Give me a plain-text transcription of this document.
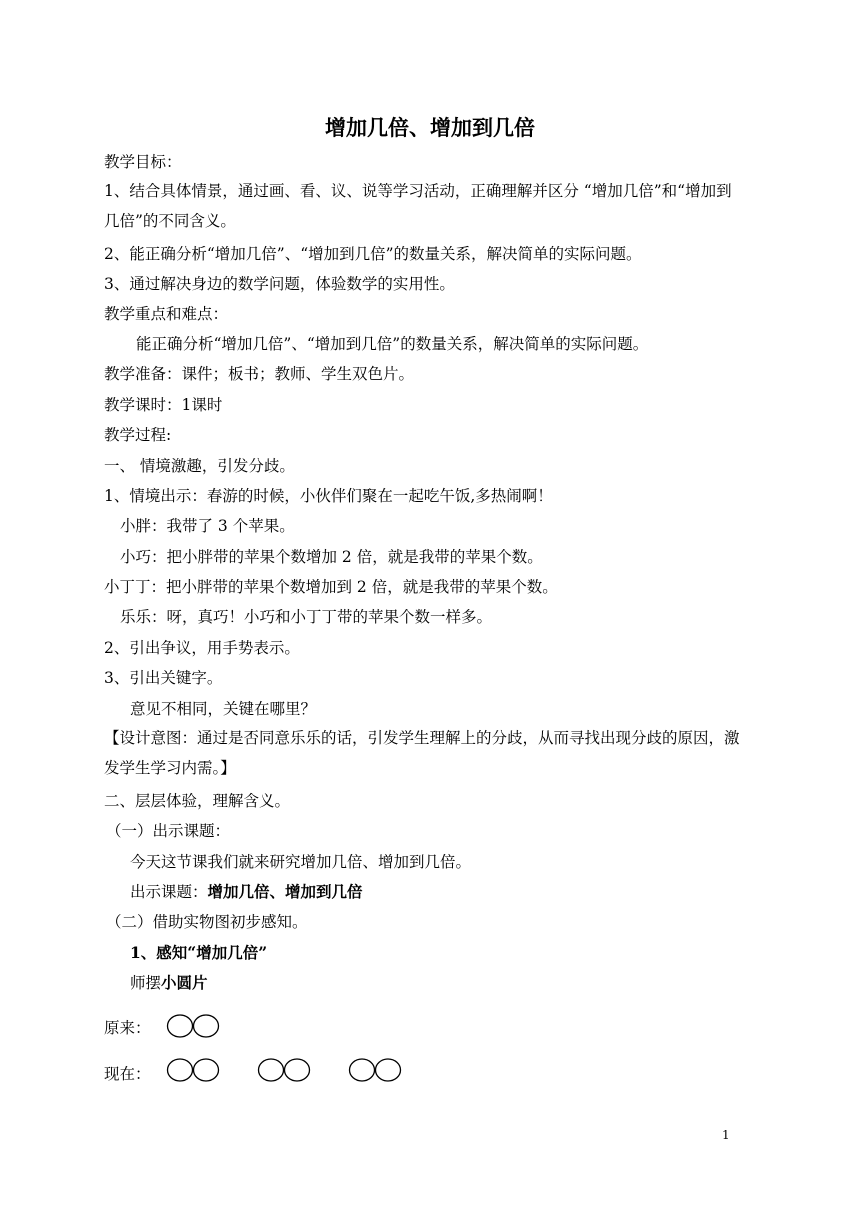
增加几倍、增加到几倍
教学目标：
1、结合具体情景，通过画、看、议、说等学习活动，正确理解并区分 “增加几倍”和“增加到几倍”的不同含义。
2、能正确分析“增加几倍”、“增加到几倍”的数量关系，解决简单的实际问题。
3、通过解决身边的数学问题，体验数学的实用性。
教学重点和难点：
能正确分析“增加几倍”、“增加到几倍”的数量关系，解决简单的实际问题。
教学准备：课件；板书；教师、学生双色片。
教学课时：1课时
教学过程:
一、 情境激趣，引发分歧。
1、情境出示：春游的时候，小伙伴们聚在一起吃午饭,多热闹啊！
小胖：我带了 3 个苹果。
小巧：把小胖带的苹果个数增加 2 倍，就是我带的苹果个数。
小丁丁：把小胖带的苹果个数增加到 2 倍，就是我带的苹果个数。
乐乐：呀，真巧！小巧和小丁丁带的苹果个数一样多。
2、引出争议，用手势表示。
3、引出关键字。
意见不相同，关键在哪里？
【设计意图：通过是否同意乐乐的话，引发学生理解上的分歧，从而寻找出现分歧的原因，激发学生学习内需。】
二、层层体验，理解含义。
（一）出示课题：
今天这节课我们就来研究增加几倍、增加到几倍。
出示课题：增加几倍、增加到几倍
（二）借助实物图初步感知。
1、感知“增加几倍”
师摆小圆片
原来：
现在：
1
